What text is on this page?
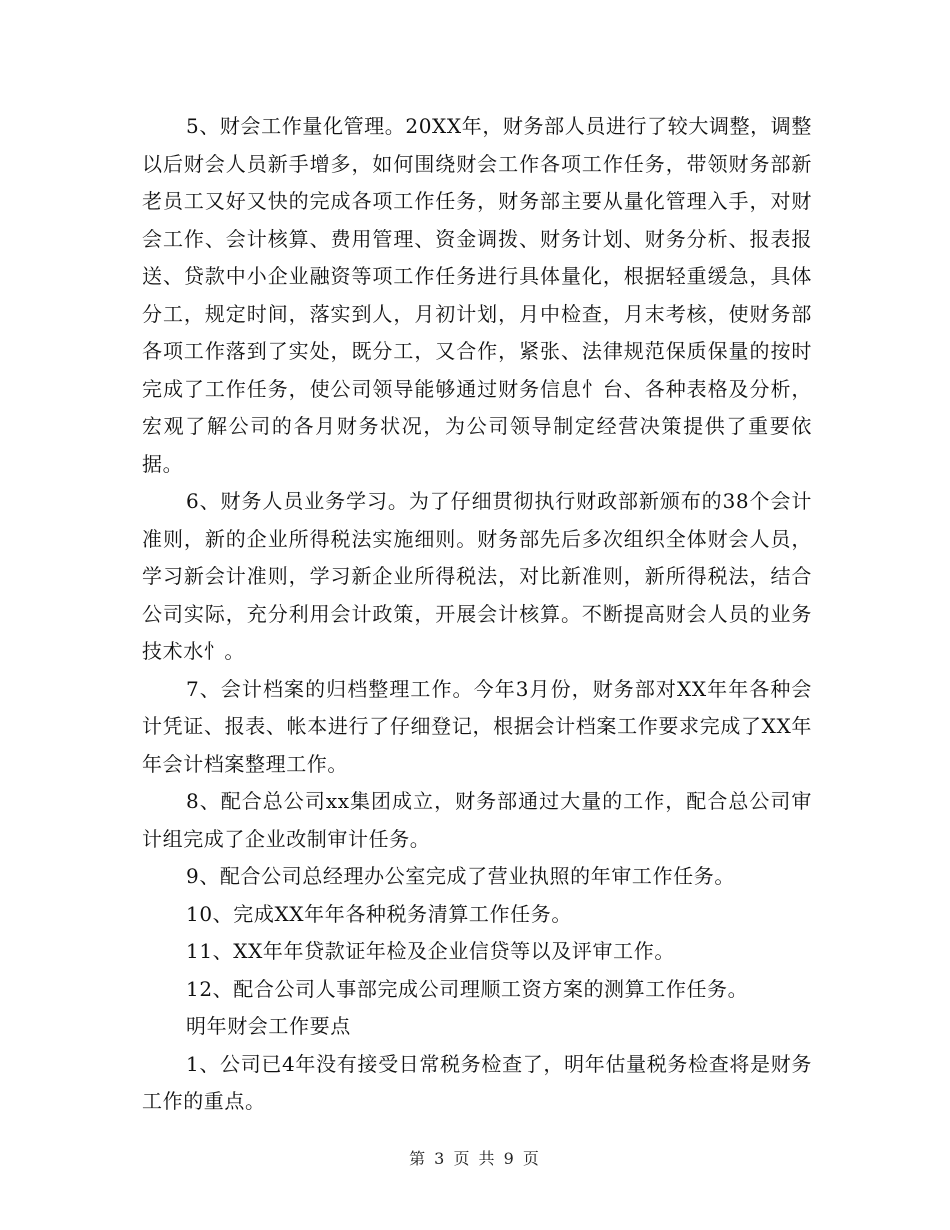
5、财会工作量化管理。20XX年，财务部人员进行了较大调整，调整以后财会人员新手增多，如何围绕财会工作各项工作任务，带领财务部新老员工又好又快的完成各项工作任务，财务部主要从量化管理入手，对财会工作、会计核算、费用管理、资金调拨、财务计划、财务分析、报表报送、贷款中小企业融资等项工作任务进行具体量化，根据轻重缓急，具体分工，规定时间，落实到人，月初计划，月中检查，月末考核，使财务部各项工作落到了实处，既分工，又合作，紧张、法律规范保质保量的按时完成了工作任务，使公司领导能够通过财务信息忄台、各种表格及分析，宏观了解公司的各月财务状况，为公司领导制定经营决策提供了重要依据。

6、财务人员业务学习。为了仔细贯彻执行财政部新颁布的38个会计准则，新的企业所得税法实施细则。财务部先后多次组织全体财会人员，学习新会计准则，学习新企业所得税法，对比新准则，新所得税法，结合公司实际，充分利用会计政策，开展会计核算。不断提高财会人员的业务技术水忄。

7、会计档案的归档整理工作。今年3月份，财务部对XX年年各种会计凭证、报表、帐本进行了仔细登记，根据会计档案工作要求完成了XX年年会计档案整理工作。

8、配合总公司xx集团成立，财务部通过大量的工作，配合总公司审计组完成了企业改制审计任务。

9、配合公司总经理办公室完成了营业执照的年审工作任务。

10、完成XX年年各种税务清算工作任务。

11、XX年年贷款证年检及企业信贷等以及评审工作。

12、配合公司人事部完成公司理顺工资方案的测算工作任务。

明年财会工作要点

1、公司已4年没有接受日常税务检查了，明年估量税务检查将是财务工作的重点。

第 3 页 共 9 页
